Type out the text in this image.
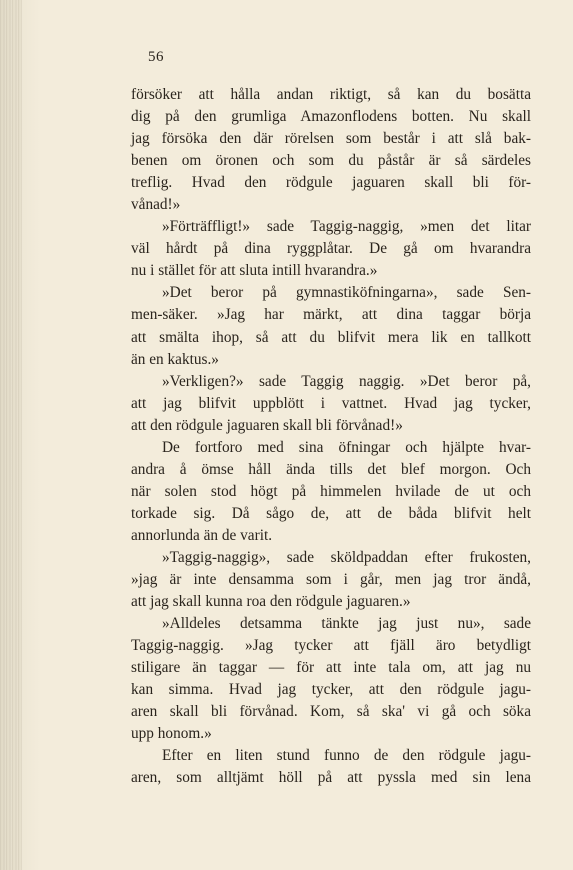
56
försöker att hålla andan riktigt, så kan du bosätta
dig på den grumliga Amazonflodens botten. Nu skall
jag försöka den där rörelsen som består i att slå bak-
benen om öronen och som du påstår är så särdeles
treflig. Hvad den rödgule jaguaren skall bli för-
vånad!»
»Förträffligt!» sade Taggig-naggig, »men det litar
väl hårdt på dina ryggplåtar. De gå om hvarandra
nu i stället för att sluta intill hvarandra.»
»Det beror på gymnastiköfningarna», sade Sen-
men-säker. »Jag har märkt, att dina taggar börja
att smälta ihop, så att du blifvit mera lik en tallkott
än en kaktus.»
»Verkligen?» sade Taggig naggig. »Det beror på,
att jag blifvit uppblött i vattnet. Hvad jag tycker,
att den rödgule jaguaren skall bli förvånad!»
De fortforo med sina öfningar och hjälpte hvar-
andra å ömse håll ända tills det blef morgon. Och
när solen stod högt på himmelen hvilade de ut och
torkade sig. Då sågo de, att de båda blifvit helt
annorlunda än de varit.
»Taggig-naggig», sade sköldpaddan efter frukosten,
»jag är inte densamma som i går, men jag tror ändå,
att jag skall kunna roa den rödgule jaguaren.»
»Alldeles detsamma tänkte jag just nu», sade
Taggig-naggig. »Jag tycker att fjäll äro betydligt
stiligare än taggar — för att inte tala om, att jag nu
kan simma. Hvad jag tycker, att den rödgule jagu-
aren skall bli förvånad. Kom, så ska' vi gå och söka
upp honom.»
Efter en liten stund funno de den rödgule jagu-
aren, som alltjämt höll på att pyssla med sin lena
